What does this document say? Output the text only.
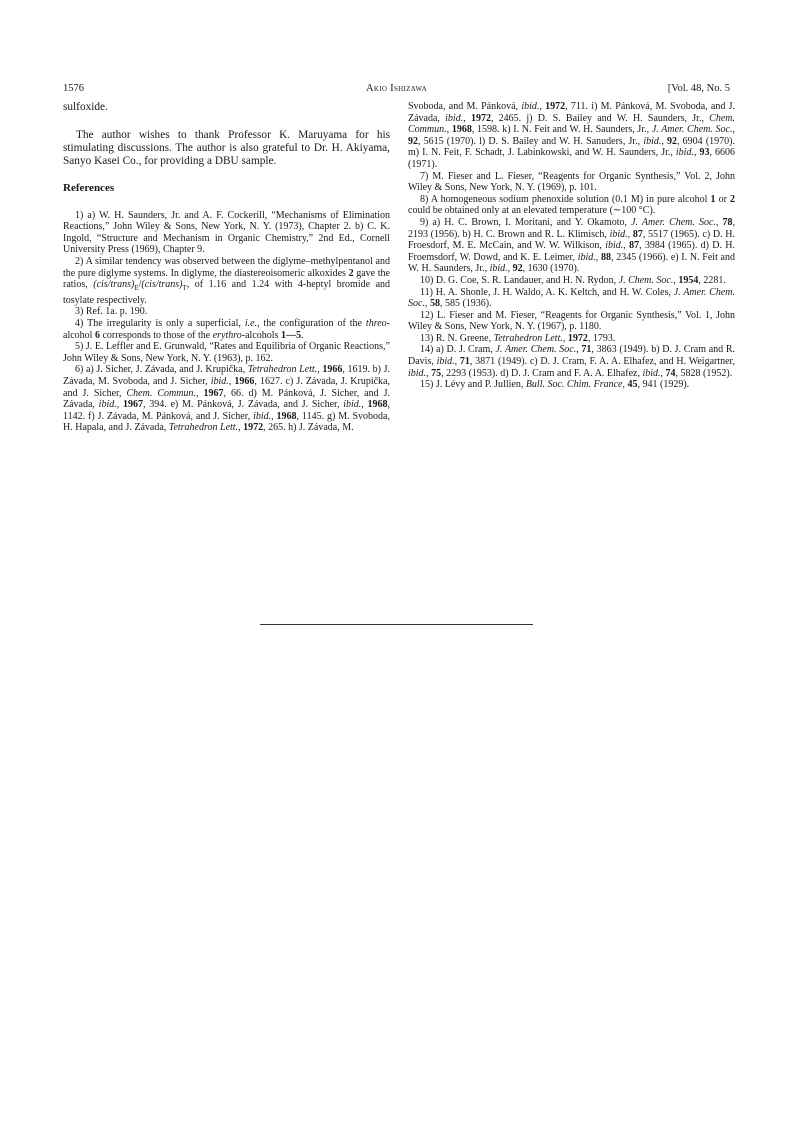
1576	Akio Ishizawa	[Vol. 48, No. 5

sulfoxide.

The author wishes to thank Professor K. Maruyama for his stimulating discussions. The author is also grateful to Dr. H. Akiyama, Sanyo Kasei Co., for providing a DBU sample.

References

1) a) W. H. Saunders, Jr. and A. F. Cockerill, “Mechanisms of Elimination Reactions,” John Wiley & Sons, New York, N. Y. (1973), Chapter 2. b) C. K. Ingold, “Structure and Mechanism in Organic Chemistry,” 2nd Ed., Cornell University Press (1969), Chapter 9.

2) A similar tendency was observed between the diglyme–methylpentanol and the pure diglyme systems. In diglyme, the diastereoisomeric alkoxides 2 gave the ratios, $(cis/trans)_E/(cis/trans)_T$, of 1.16 and 1.24 with 4-heptyl bromide and tosylate respectively.

3) Ref. 1a. p. 190.

4) The irregularity is only a superficial, i.e., the configuration of the threo-alcohol 6 corresponds to those of the erythro-alcohols 1—5.

5) J. E. Leffler and E. Grunwald, “Rates and Equilibria of Organic Reactions,” John Wiley & Sons, New York, N. Y. (1963), p. 162.

6) a) J. Sicher, J. Závada, and J. Krupička, Tetrahedron Lett., 1966, 1619. b) J. Závada, M. Svoboda, and J. Sicher, ibid., 1966, 1627. c) J. Závada, J. Krupička, and J. Sicher, Chem. Commun., 1967, 66. d) M. Pánková, J. Sicher, and J. Závada, ibid., 1967, 394. e) M. Pánková, J. Závada, and J. Sicher, ibid., 1968, 1142. f) J. Závada, M. Pánková, and J. Sicher, ibid., 1968, 1145. g) M. Svoboda, H. Hapala, and J. Závada, Tetrahedron Lett., 1972, 265. h) J. Závada, M.

Svoboda, and M. Pánková, ibid., 1972, 711. i) M. Pánková, M. Svoboda, and J. Závada, ibid., 1972, 2465. j) D. S. Bailey and W. H. Saunders, Jr., Chem. Commun., 1968, 1598. k) I. N. Feit and W. H. Saunders, Jr., J. Amer. Chem. Soc., 92, 5615 (1970). l) D. S. Bailey and W. H. Sanuders, Jr., ibid., 92, 6904 (1970). m) I. N. Feit, F. Schadt, J. Labinkowski, and W. H. Saunders, Jr., ibid., 93, 6606 (1971).

7) M. Fieser and L. Fieser, “Reagents for Organic Synthesis,” Vol. 2, John Wiley & Sons, New York, N. Y. (1969), p. 101.

8) A homogeneous sodium phenoxide solution (0.1 M) in pure alcohol 1 or 2 could be obtained only at an elevated temperature (∼100 °C).

9) a) H. C. Brown, I. Moritani, and Y. Okamoto, J. Amer. Chem. Soc., 78, 2193 (1956). b) H. C. Brown and R. L. Klimisch, ibid., 87, 5517 (1965). c) D. H. Froesdorf, M. E. McCain, and W. W. Wilkison, ibid., 87, 3984 (1965). d) D. H. Froemsdorf, W. Dowd, and K. E. Leimer, ibid., 88, 2345 (1966). e) I. N. Feit and W. H. Saunders, Jr., ibid., 92, 1630 (1970).

10) D. G. Coe, S. R. Landauer, and H. N. Rydon, J. Chem. Soc., 1954, 2281.

11) H. A. Shonle, J. H. Waldo, A. K. Keltch, and H. W. Coles, J. Amer. Chem. Soc., 58, 585 (1936).

12) L. Fieser and M. Fieser, “Reagents for Organic Synthesis,” Vol. 1, John Wiley & Sons, New York, N. Y. (1967), p. 1180.

13) R. N. Greene, Tetrahedron Lett., 1972, 1793.

14) a) D. J. Cram, J. Amer. Chem. Soc., 71, 3863 (1949). b) D. J. Cram and R. Davis, ibid., 71, 3871 (1949). c) D. J. Cram, F. A. A. Elhafez, and H. Weigartner, ibid., 75, 2293 (1953). d) D. J. Cram and F. A. A. Elhafez, ibid., 74, 5828 (1952).

15) J. Lévy and P. Jullien, Bull. Soc. Chim. France, 45, 941 (1929).
